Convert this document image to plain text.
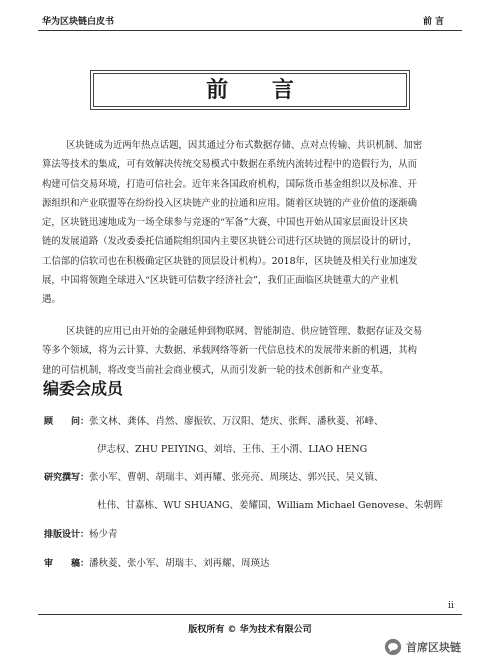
华为区块链白皮书	前言
前 言

区块链成为近两年热点话题，因其通过分布式数据存储、点对点传输、共识机制、加密
算法等技术的集成，可有效解决传统交易模式中数据在系统内流转过程中的造假行为，从而
构建可信交易环境，打造可信社会。近年来各国政府机构，国际货币基金组织以及标准、开
源组织和产业联盟等在纷纷投入区块链产业的拉通和应用。随着区块链的产业价值的逐渐确
定，区块链迅速地成为一场全球参与竞逐的“军备”大赛，中国也开始从国家层面设计区块
链的发展道路（发改委委托信通院组织国内主要区块链公司进行区块链的顶层设计的研讨，
工信部的信软司也在积极确定区块链的顶层设计机构）。2018年，区块链及相关行业加速发
展，中国将领跑全球进入“区块链可信数字经济社会”，我们正面临区块链重大的产业机
遇。

区块链的应用已由开始的金融延伸到物联网、智能制造、供应链管理、数据存证及交易
等多个领域，将为云计算、大数据、承载网络等新一代信息技术的发展带来新的机遇，其构
建的可信机制，将改变当前社会商业模式，从而引发新一轮的技术创新和产业变革。

编委会成员
顾　　问：张文林、龚体、肖然、廖振钦、万汉阳、楚庆、张辉、潘秋菱、祁峰、
伊志权、ZHU PEIYING、刘培、王伟、王小渭、LIAO HENG
研究撰写：张小军、曹朝、胡瑞丰、刘再耀、张亮亮、周瑛达、郭兴民、吴义镇、
杜伟、甘嘉栋、WU SHUANG、姜耀国、William Michael Genovese、朱朝晖
排版设计：杨少青
审　　稿：潘秋菱、张小军、胡瑞丰、刘再耀、周瑛达
ii
版权所有 © 华为技术有限公司
首席区块链
